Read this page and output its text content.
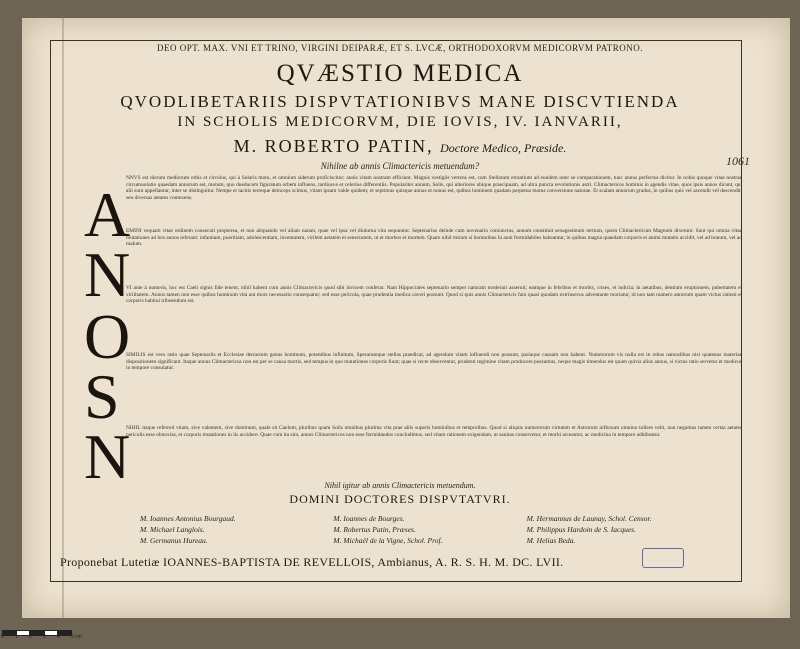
DEO OPT. MAX. VNI ET TRINO, VIRGINI DEIPARÆ, ET S. LVCÆ, ORTHODOXORVM MEDICORVM PATRONO.
QVÆSTIO MEDICA
QVODLIBETARIIS DISPVTATIONIBVS MANE DISCVTIENDA
IN SCHOLIS MEDICORVM, DIE IOVIS, IV. IANVARII,
M. ROBERTO PATIN, Doctore Medico, Præside.
Nihilne ab annis Climactericis metuendum?	1061
A
N
O
S
N
NNVS est dierum mediorum orbis et circulus, qui à Solaris motu, et omnium siderum proficiscitur; annis vitam nostram efficiunt. Magnis vestigiis vertens est, cum Stellarum errantium ad eundem inter se comparationem, tunc annus perfectus dicitur. In nobis quoque vitae nostrae circumuolutio quaedam annorum est, motum, quo dueducem figuratum orbem influens, tardiusve et celerius differentiis. Populariter annum, Solis, qui ulteriores ubique praecipuam, ad ultra puncta revolutionis astri. Climactericos hominis in agendis vitae, quos ipsis annos dicunt, qui alii sunt appellantur, inter se distinguitur. Nempe et tacitis terreque deinceps scimus, vitam ipsam valde quidem; et septimus quisque annus et nonus est, quibus hominem quadam perpetua motus conversione naturae. Et scalam annorum gradus, in quibus quis vel ascendit vel descendit, seu diversas aetates contexens.
EMINI vequam vitae ordinem consecuti propterea, et non aliquando vel aliam natam, quae vel ipsa vel diuturna vita sequuntur. Septenarius deinde cum novenario coniunctus, annum constituit sexagesimum tertium, quem Climactericum Magnum dixerunt. Sunt qui omnia vitae mutationes ad hos annos referant: infantiam, pueritiam, adolescentiam, iuventutem, virilem aetatem et senectutem, ut et morbos et mortem. Quare nihil mirum si hominibus hi anni formidabiles habeantur, in quibus magna quaedam corporis et animi mutatio accidit, vel ad bonum, vel ad malum.
VI ante à numeris, hoc est Caeli signis fide tenent, nihil habent cum annis Climactericis quod sibi invicem conferat. Nam Hippocrates septenario semper naturam moderari asseruit; eamque in febribus et morbis, crises, et iudicia; in aetatibus, dentium eruptionem, pubertatem et virilitatem. Annos tamen non esse quibus hominum vita aut mors necessario consequatur; sed esse pericula, quae prudentia medica caveri possunt. Quod si quis annis Climactericis fato quasi quodam extrinsecus adventante moriatur, id non tam numero annorum quam victus rationi et corporis habitui tribuendum est.
SIMILIS est vero ratio quae Septenariis et Ecclesiae detractum genus hominum, potentibus infinitum, Sperarumque stellas praedicat, ad agendum vitam influendi non possunt, pariaque causam non habent. Numerorum vis nulla est in rebus naturalibus nisi quatenus materiae dispositionem significant. Itaque annus Climactericus non est per se causa mortis, sed tempus in quo mutationes corporis fiunt; quae si recte observentur, prudenti regimine vitam producere possumus, neque magis timendus est quam quivis alius annus, si victus ratio servetur et medicus in tempore consulatur.
NIHIL itaque referred vitam, sive valentem, sive dominum, quale sit Caelum, pluribus quam Solis omnibus plurima vita prae aliis superis hominibus et temporibus. Quod si aliquis numerorum virtutem et Astrorum influxum omnino tollere velit, non negamus tamen certas aetates periculis esse obnoxias, et corporis mutationes in iis accidere. Quae cum ita sint, annos Climactericos non esse formidandos concludimus, sed vitam rationem exigendam, ut sanitas conservetur, et morbi arceantur, ac medicina in tempore adhibeatur.
Nihil igitur ab annis Climactericis metuendum.
DOMINI DOCTORES DISPVTATVRI.
M. Ioannes Antonius Bourgaud.	M. Ioannes de Bourges.	M. Hermannus de Launay, Schol. Censor.
M. Michael Langlois.	M. Robertus Patin, Præses.	M. Philippus Hardoin de S. Iacques.
M. Germanus Hureau.	M. Michaël de la Vigne, Schol. Prof.	M. Helias Beda.
Proponebat Lutetiæ IOANNES-BAPTISTA DE REVELLOIS, Ambianus, A. R. S. H. M. DC. LVII.
0 1 2 3 4 5 cm
